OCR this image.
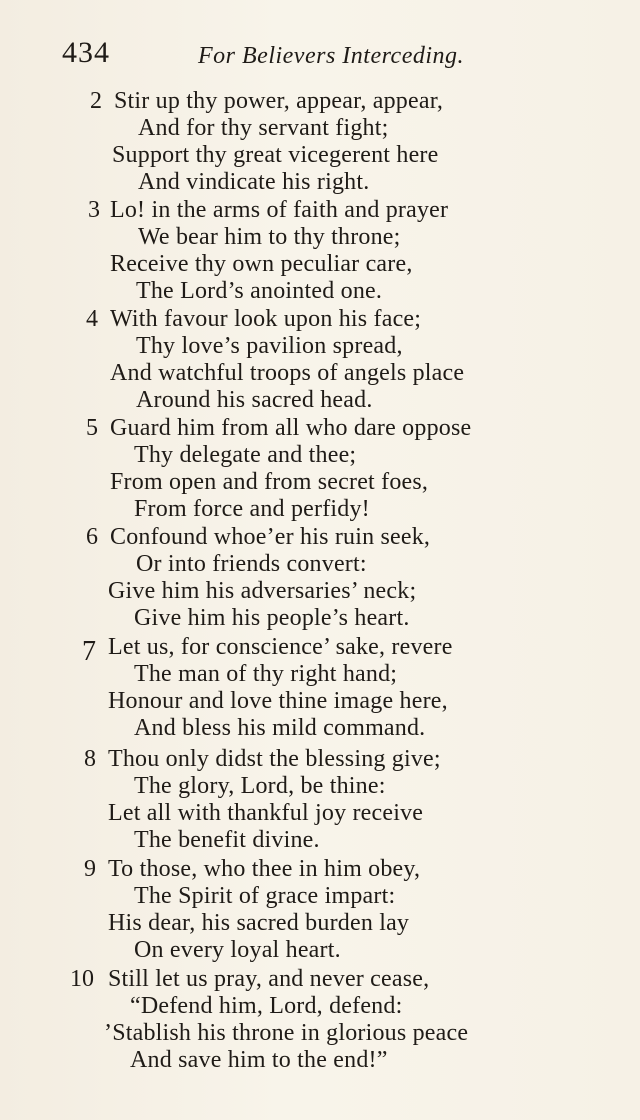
434	For Believers Interceding.
2 Stir up thy power, appear, appear,
And for thy servant fight;
Support thy great vicegerent here
And vindicate his right.
3 Lo! in the arms of faith and prayer
We bear him to thy throne;
Receive thy own peculiar care,
The Lord’s anointed one.
4 With favour look upon his face;
Thy love’s pavilion spread,
And watchful troops of angels place
Around his sacred head.
5 Guard him from all who dare oppose
Thy delegate and thee;
From open and from secret foes,
From force and perfidy!
6 Confound whoe’er his ruin seek,
Or into friends convert:
Give him his adversaries’ neck;
Give him his people’s heart.
7 Let us, for conscience’ sake, revere
The man of thy right hand;
Honour and love thine image here,
And bless his mild command.
8 Thou only didst the blessing give;
The glory, Lord, be thine:
Let all with thankful joy receive
The benefit divine.
9 To those, who thee in him obey,
The Spirit of grace impart:
His dear, his sacred burden lay
On every loyal heart.
10 Still let us pray, and never cease,
“Defend him, Lord, defend:
’Stablish his throne in glorious peace
And save him to the end!”
